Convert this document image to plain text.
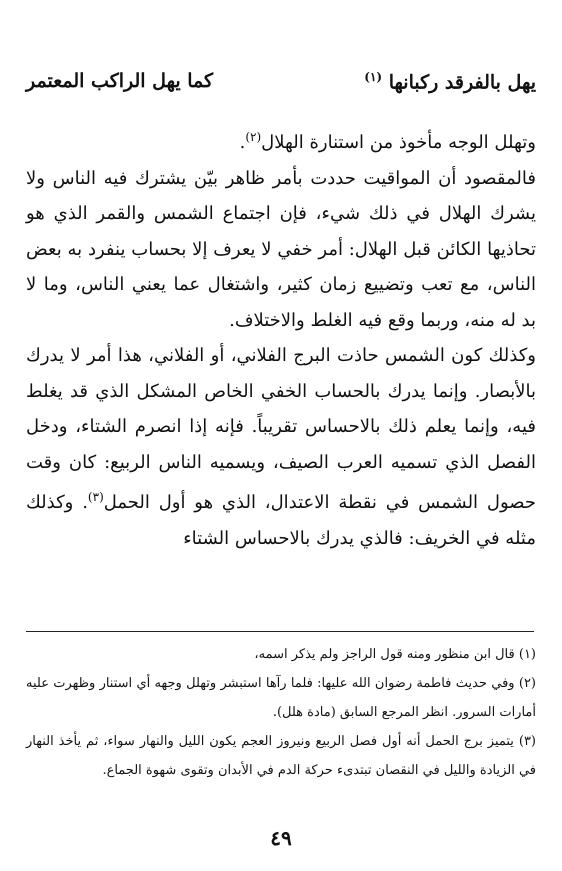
يهل بالفرقد ركبانها $^{(١)}$
كما يهل الراكب المعتمر

وتهلل الوجه مأخوذ من استنارة الهلال$^{(٢)}$.

فالمقصود أن المواقيت حددت بأمر ظاهر بيّن يشترك فيه الناس ولا يشرك الهلال في ذلك شيء، فإن اجتماع الشمس والقمر الذي هو تحاذيها الكائن قبل الهلال: أمر خفي لا يعرف إلا بحساب ينفرد به بعض الناس، مع تعب وتضييع زمان كثير، واشتغال عما يعني الناس، وما لا بد له منه، وربما وقع فيه الغلط والاختلاف.

وكذلك كون الشمس حاذت البرج الفلاني، أو الفلاني، هذا أمر لا يدرك بالأبصار. وإنما يدرك بالحساب الخفي الخاص المشكل الذي قد يغلط فيه، وإنما يعلم ذلك بالاحساس تقريباً. فإنه إذا انصرم الشتاء، ودخل الفصل الذي تسميه العرب الصيف، ويسميه الناس الربيع: كان وقت حصول الشمس في نقطة الاعتدال، الذي هو أول الحمل$^{(٣)}$. وكذلك مثله في الخريف: فالذي يدرك بالاحساس الشتاء

(١) قال ابن منظور ومنه قول الراجز ولم يذكر اسمه،

(٢) وفي حديث فاطمة رضوان الله عليها: فلما رآها استبشر وتهلل وجهه أي استنار وظهرت عليه أمارات السرور. انظر المرجع السابق (مادة هلل).

(٣) يتميز برج الحمل أنه أول فصل الربيع ونيروز العجم يكون الليل والنهار سواء، ثم يأخذ النهار في الزيادة والليل في النقصان تبتدىء حركة الدم في الأبدان وتقوى شهوة الجماع.

٤٩
